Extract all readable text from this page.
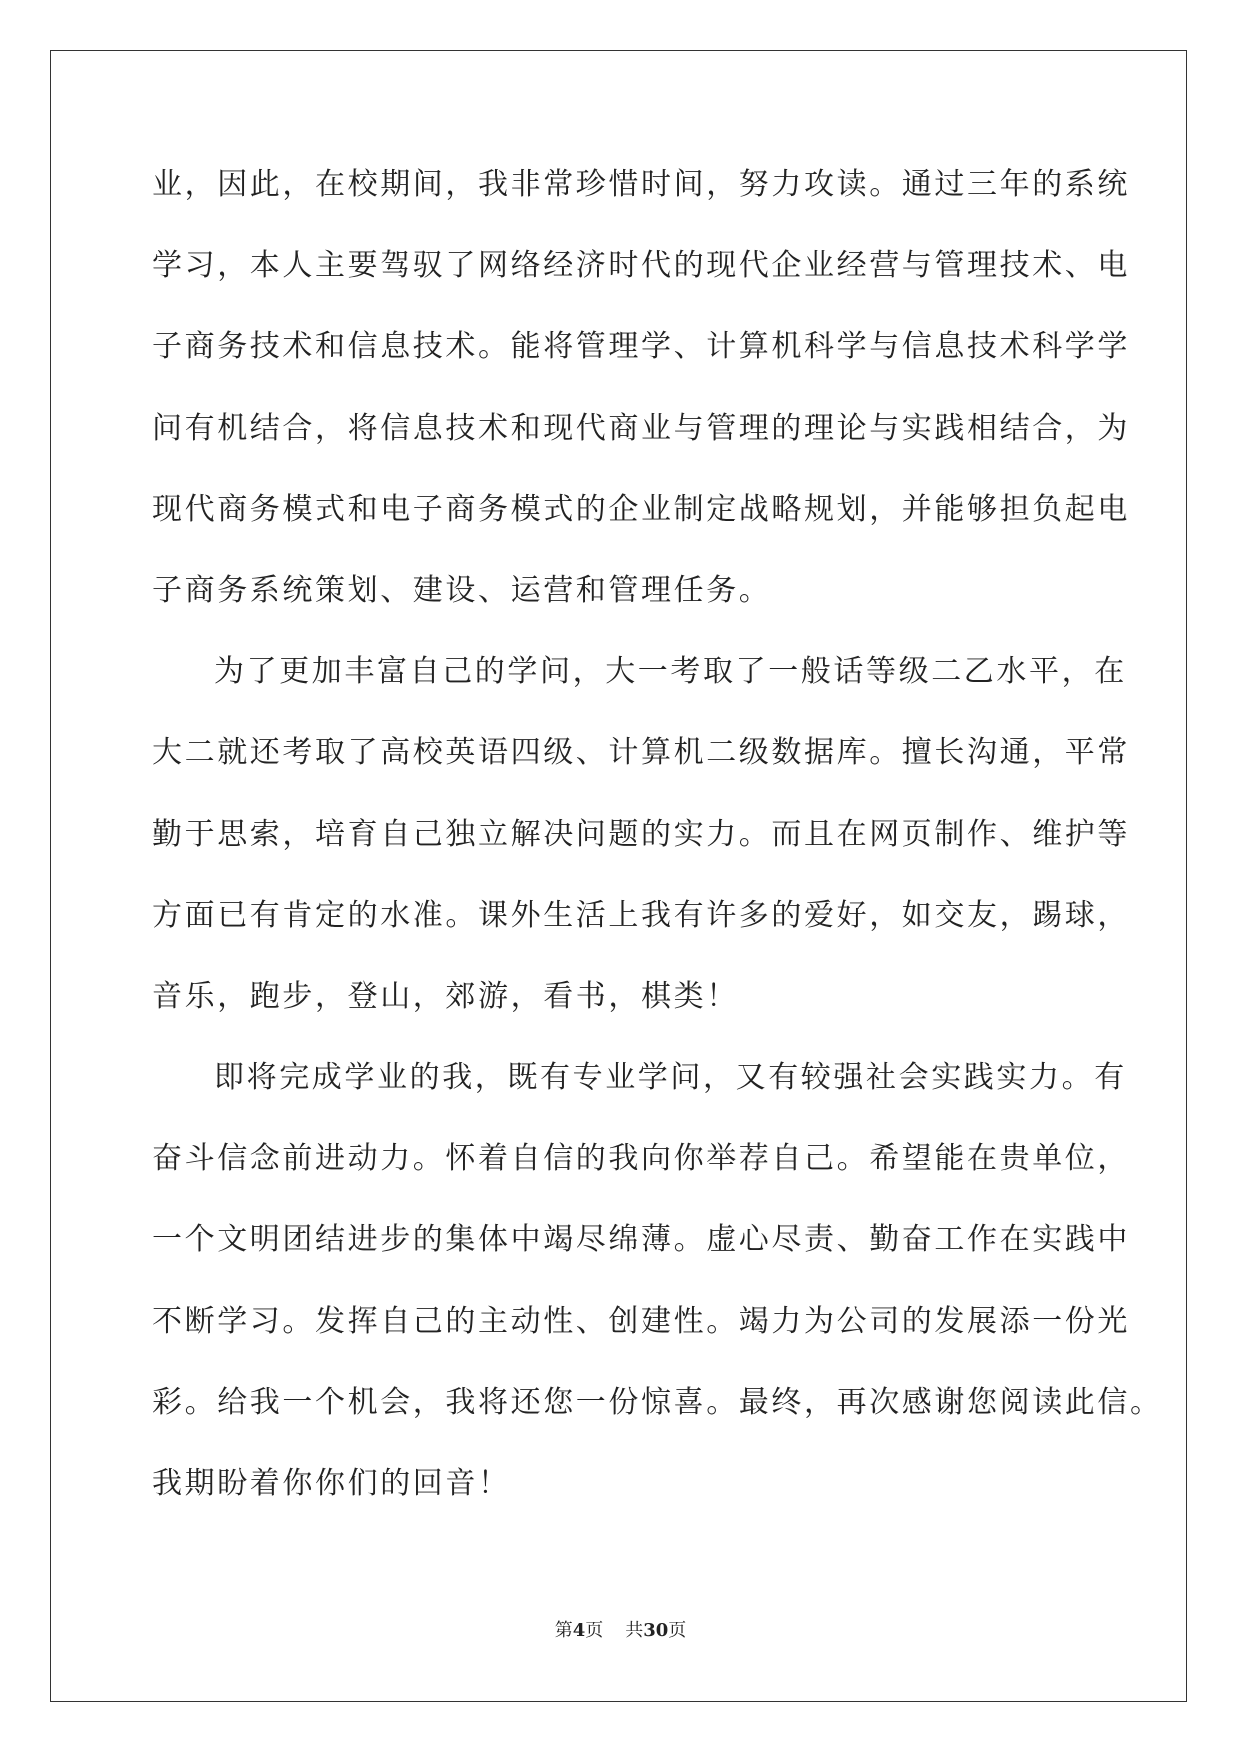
业，因此，在校期间，我非常珍惜时间，努力攻读。通过三年的系统
学习，本人主要驾驭了网络经济时代的现代企业经营与管理技术、电
子商务技术和信息技术。能将管理学、计算机科学与信息技术科学学
问有机结合，将信息技术和现代商业与管理的理论与实践相结合，为
现代商务模式和电子商务模式的企业制定战略规划，并能够担负起电
子商务系统策划、建设、运营和管理任务。
为了更加丰富自己的学问，大一考取了一般话等级二乙水平，在
大二就还考取了高校英语四级、计算机二级数据库。擅长沟通，平常
勤于思索，培育自己独立解决问题的实力。而且在网页制作、维护等
方面已有肯定的水准。课外生活上我有许多的爱好，如交友，踢球，
音乐，跑步，登山，郊游，看书，棋类！
即将完成学业的我，既有专业学问，又有较强社会实践实力。有
奋斗信念前进动力。怀着自信的我向你举荐自己。希望能在贵单位，
一个文明团结进步的集体中竭尽绵薄。虚心尽责、勤奋工作在实践中
不断学习。发挥自己的主动性、创建性。竭力为公司的发展添一份光
彩。给我一个机会，我将还您一份惊喜。最终，再次感谢您阅读此信。
我期盼着你你们的回音！
第4页 共30页
